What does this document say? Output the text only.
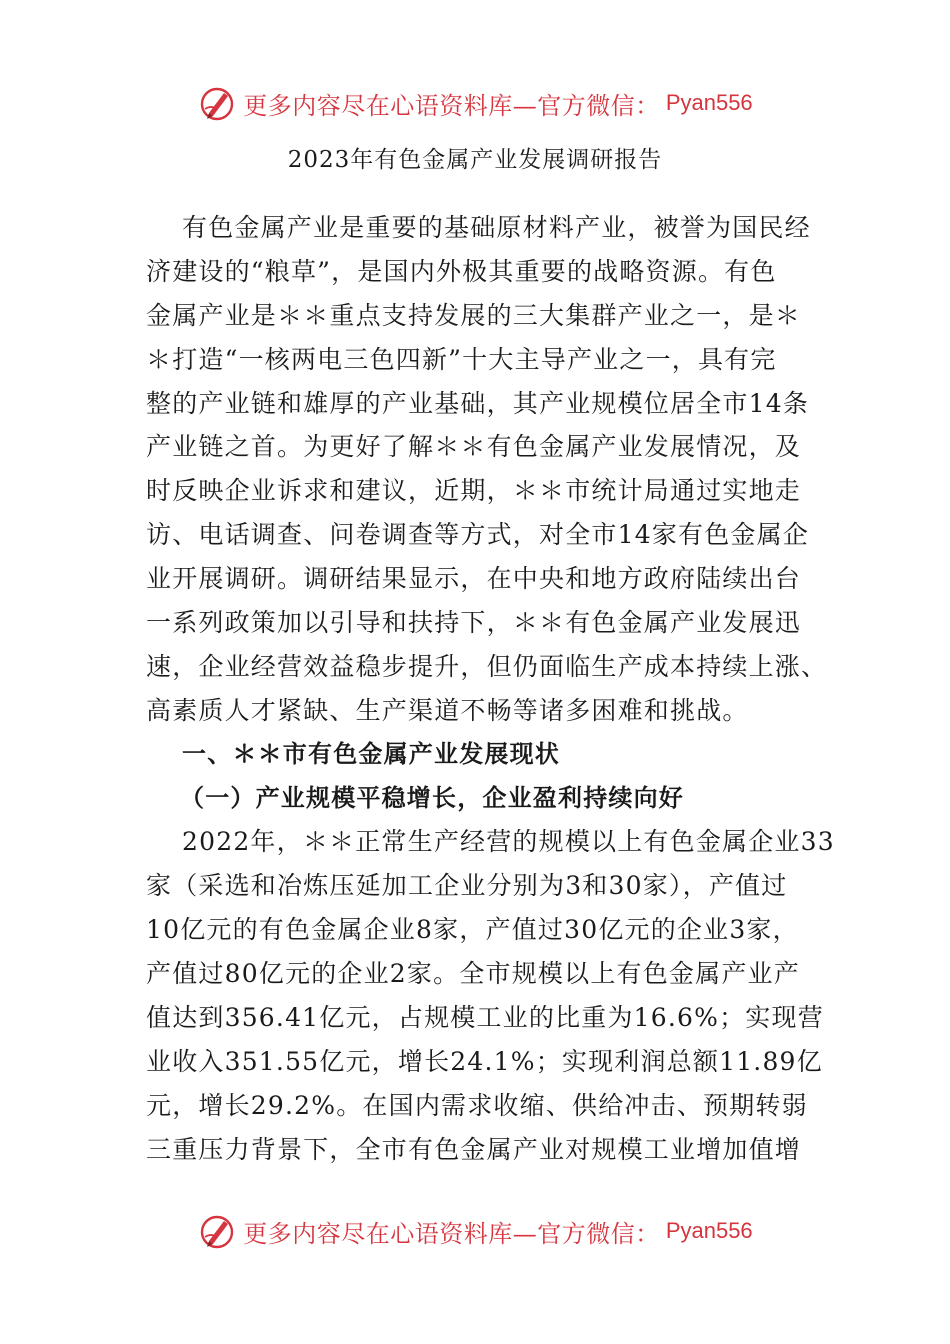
更多内容尽在心语资料库—官方微信： Pyan556
2023年有色金属产业发展调研报告
有色金属产业是重要的基础原材料产业，被誉为国民经
济建设的“粮草”，是国内外极其重要的战略资源。有色
金属产业是＊＊重点支持发展的三大集群产业之一，是＊
＊打造“一核两电三色四新”十大主导产业之一，具有完
整的产业链和雄厚的产业基础，其产业规模位居全市14条
产业链之首。为更好了解＊＊有色金属产业发展情况，及
时反映企业诉求和建议，近期，＊＊市统计局通过实地走
访、电话调查、问卷调查等方式，对全市14家有色金属企
业开展调研。调研结果显示，在中央和地方政府陆续出台
一系列政策加以引导和扶持下，＊＊有色金属产业发展迅
速，企业经营效益稳步提升，但仍面临生产成本持续上涨、
高素质人才紧缺、生产渠道不畅等诸多困难和挑战。
一、＊＊市有色金属产业发展现状
（一）产业规模平稳增长，企业盈利持续向好
2022年，＊＊正常生产经营的规模以上有色金属企业33
家（采选和冶炼压延加工企业分别为3和30家），产值过
10亿元的有色金属企业8家，产值过30亿元的企业3家，
产值过80亿元的企业2家。全市规模以上有色金属产业产
值达到356.41亿元，占规模工业的比重为16.6%；实现营
业收入351.55亿元，增长24.1%；实现利润总额11.89亿
元，增长29.2%。在国内需求收缩、供给冲击、预期转弱
三重压力背景下，全市有色金属产业对规模工业增加值增
更多内容尽在心语资料库—官方微信： Pyan556
